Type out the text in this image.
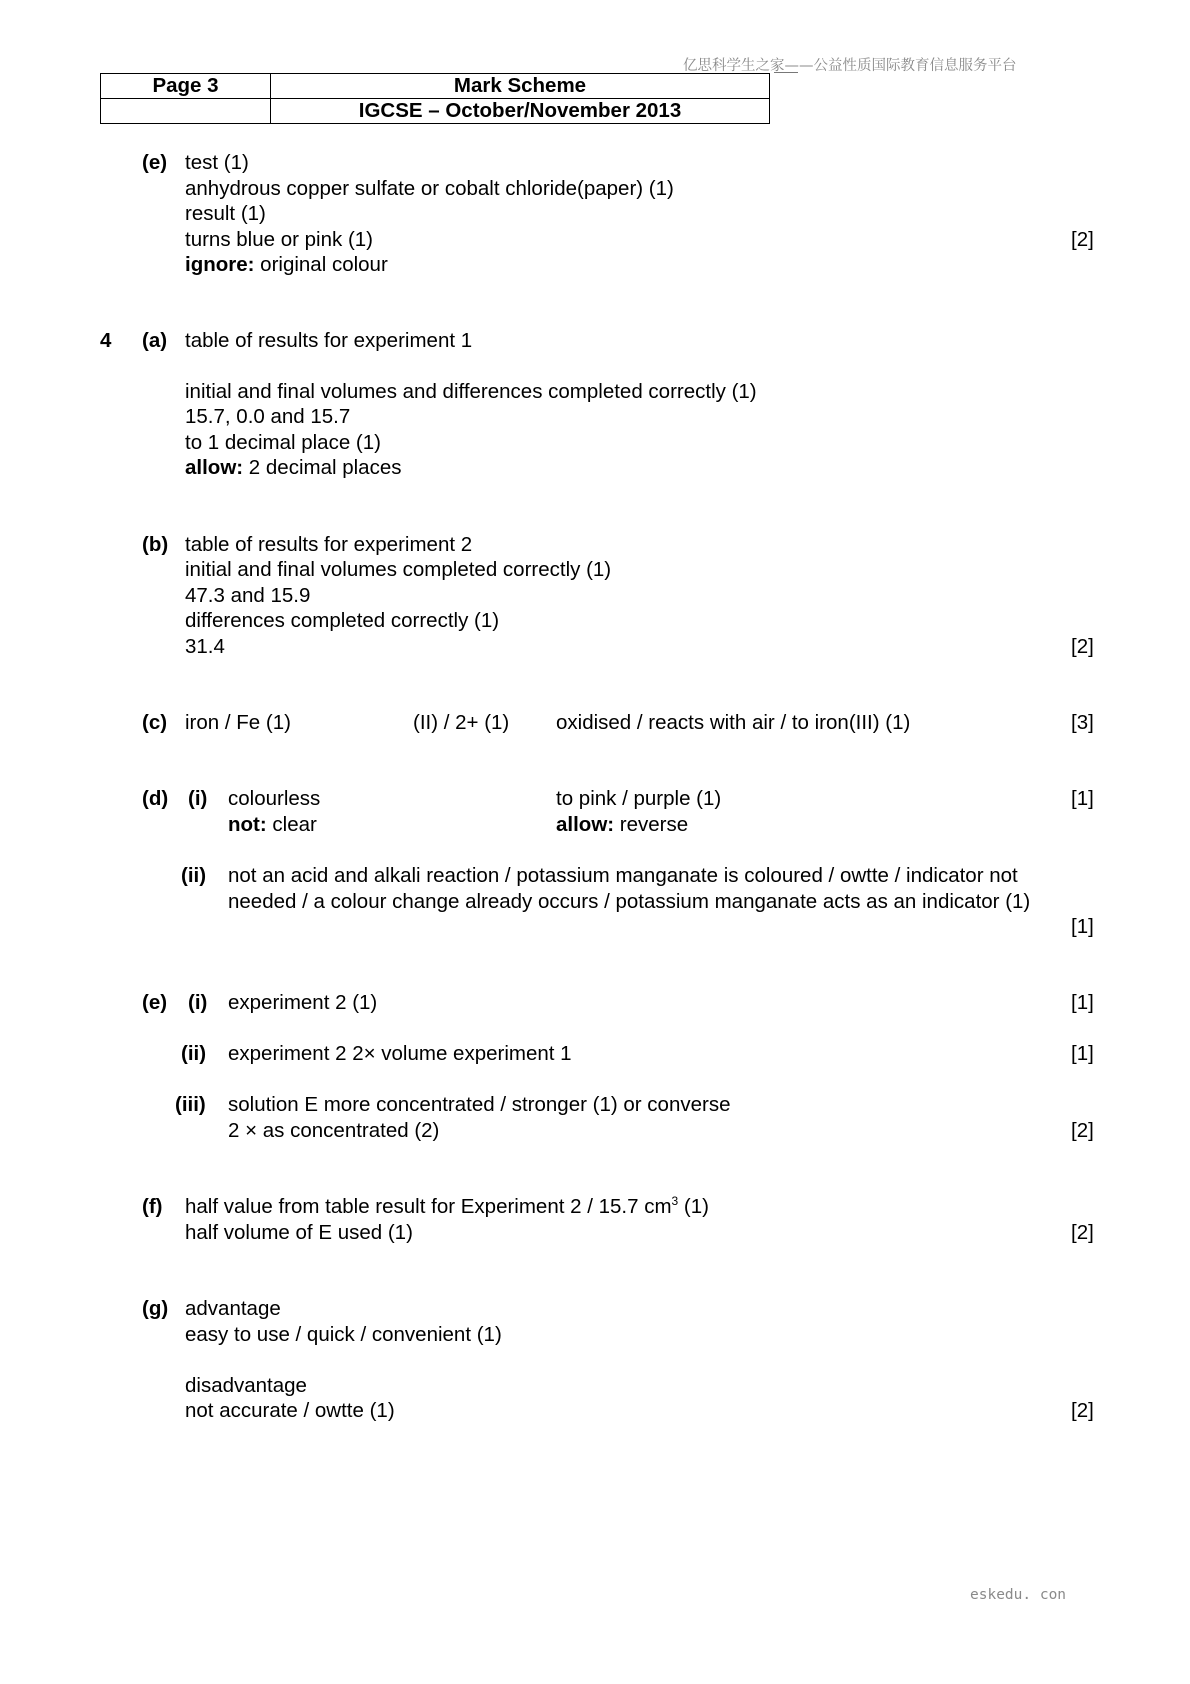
亿思科学生之家——公益性质国际教育信息服务平台
Page 3	Mark Scheme
	IGCSE – October/November 2013
(e) test (1)
anhydrous copper sulfate or cobalt chloride(paper) (1)
result (1)
turns blue or pink (1)
ignore: original colour
[2]
4 (a) table of results for experiment 1
initial and final volumes and differences completed correctly (1)
15.7, 0.0 and 15.7
to 1 decimal place (1)
allow: 2 decimal places
(b) table of results for experiment 2
initial and final volumes completed correctly (1)
47.3 and 15.9
differences completed correctly (1)
31.4	[2]
(c) iron / Fe (1)	(II) / 2+ (1) oxidised / reacts with air / to iron(III) (1)	[3]
(d) (i) colourless	to pink / purple (1)	[1]
not: clear	allow: reverse
(ii) not an acid and alkali reaction / potassium manganate is coloured / owtte / indicator not
needed / a colour change already occurs / potassium manganate acts as an indicator (1)
[1]
(e) (i) experiment 2 (1)	[1]
(ii) experiment 2 2× volume experiment 1	[1]
(iii) solution E more concentrated / stronger (1) or converse
2 × as concentrated (2)	[2]
(f) half value from table result for Experiment 2 / 15.7 $cm^3$ (1)
half volume of E used (1)	[2]
(g) advantage
easy to use / quick / convenient (1)
disadvantage
not accurate / owtte (1)	[2]
eskedu. con
